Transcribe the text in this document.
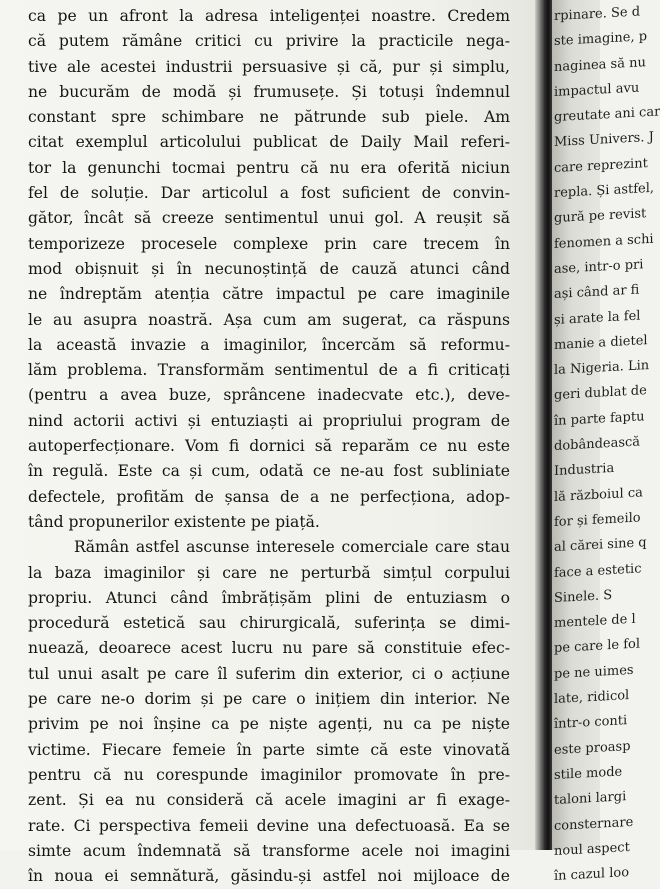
ca pe un afront la adresa inteligenței noastre. Credem
că putem rămâne critici cu privire la practicile nega-
tive ale acestei industrii persuasive și că, pur și simplu,
ne bucurăm de modă și frumusețe. Și totuși îndemnul
constant spre schimbare ne pătrunde sub piele. Am
citat exemplul articolului publicat de Daily Mail referi-
tor la genunchi tocmai pentru că nu era oferită niciun
fel de soluție. Dar articolul a fost suficient de convin-
gător, încât să creeze sentimentul unui gol. A reușit să
temporizeze procesele complexe prin care trecem în
mod obișnuit și în necunoștință de cauză atunci când
ne îndreptăm atenția către impactul pe care imaginile
le au asupra noastră. Așa cum am sugerat, ca răspuns
la această invazie a imaginilor, încercăm să reformu-
lăm problema. Transformăm sentimentul de a fi criticați
(pentru a avea buze, sprâncene inadecvate etc.), deve-
nind actorii activi și entuziaști ai propriului program de
autoperfecționare. Vom fi dornici să reparăm ce nu este
în regulă. Este ca și cum, odată ce ne-au fost subliniate
defectele, profităm de șansa de a ne perfecționa, adop-
tând propunerilor existente pe piață.
Rămân astfel ascunse interesele comerciale care stau
la baza imaginilor și care ne perturbă simțul corpului
propriu. Atunci când îmbrățișăm plini de entuziasm o
procedură estetică sau chirurgicală, suferința se dimi-
nuează, deoarece acest lucru nu pare să constituie efec-
tul unui asalt pe care îl suferim din exterior, ci o acțiune
pe care ne-o dorim și pe care o inițiem din interior. Ne
privim pe noi înșine ca pe niște agenți, nu ca pe niște
victime. Fiecare femeie în parte simte că este vinovată
pentru că nu corespunde imaginilor promovate în pre-
zent. Și ea nu consideră că acele imagini ar fi exage-
rate. Ci perspectiva femeii devine una defectuoasă. Ea se
simte acum îndemnată să transforme acele noi imagini
în noua ei semnătură, găsindu-și astfel noi mijloace de
rpinare. Se d
ste imagine, p
nagineа să nu
impactul avu
greutate ani car
Miss Univers. J
care reprezint
repla. Și astfel,
gură pe revist
fenomen a schi
ase, intr-o pri
ași când ar fi
și arate la fel
manie a dietel
la Nigeria. Lin
geri dublat de
în parte faptu
dobândească
Industria
lă războiul ca
for și femeilo
al cărei sine q
face a estetic
Sinele. S
mentele de l
pe care le fol
pe ne uimes
late, ridicol
într-o conti
este proasp
stile mode
taloni largi
consternare
noul aspect
în cazul loo
